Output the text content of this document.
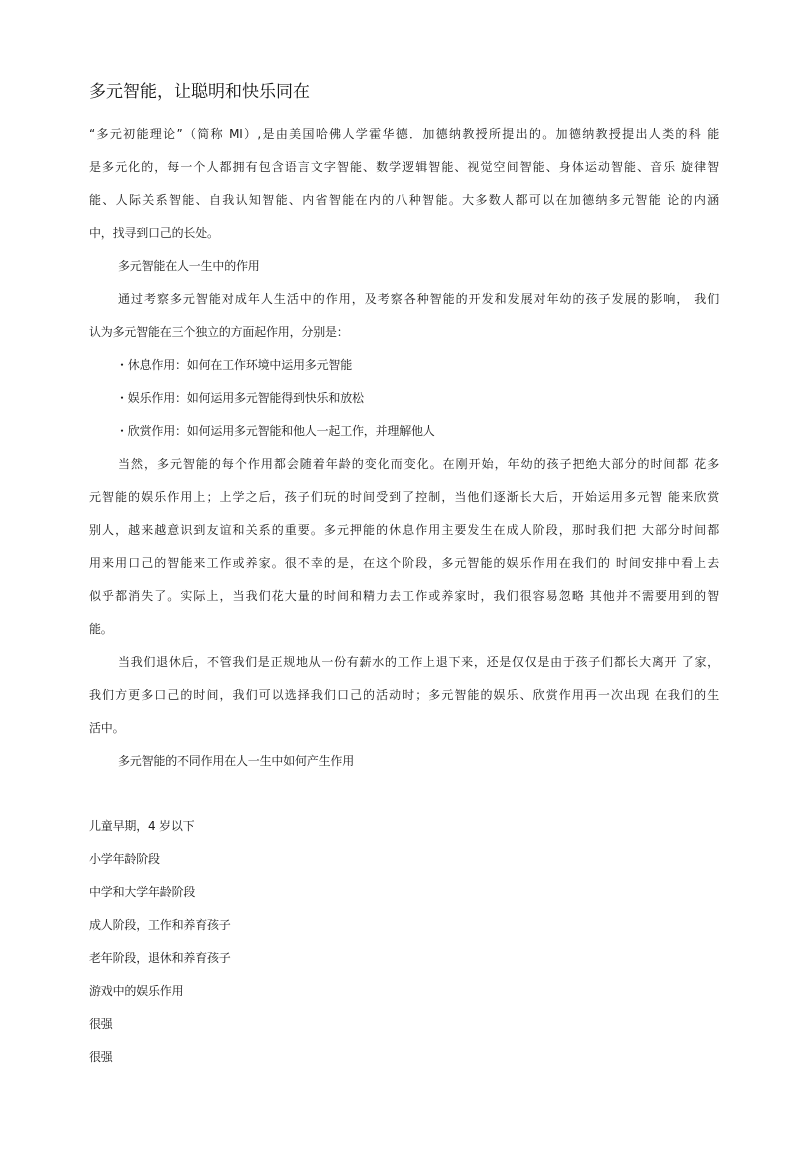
多元智能，让聪明和快乐同在
“多元初能理论”（简称 MI）,是由美国哈佛人学霍华德．加德纳教授所提出的。加德纳教授提出人类的科 能
是多元化的，每一个人都拥有包含语言文字智能、数学逻辑智能、视觉空间智能、身体运动智能、音乐 旋律智
能、人际关系智能、自我认知智能、内省智能在内的八种智能。大多数人都可以在加德纳多元智能 论的内涵
中，找寻到口己的长处。
多元智能在人一生中的作用
通过考察多元智能对成年人生活中的作用，及考察各种智能的开发和发展对年幼的孩子发展的影响， 我们
认为多元智能在三个独立的方面起作用，分别是：
・休息作用：如何在工作环境中运用多元智能
・娱乐作用：如何运用多元智能得到快乐和放松
・欣赏作用：如何运用多元智能和他人一起工作，并理解他人
当然，多元智能的每个作用都会随着年龄的变化而变化。在刚开始，年幼的孩子把绝大部分的时间都 花多
元智能的娱乐作用上；上学之后，孩子们玩的时间受到了控制，当他们逐渐长大后，开始运用多元智 能来欣赏
别人，越来越意识到友谊和关系的重要。多元押能的休息作用主要发生在成人阶段，那时我们把 大部分时间都
用来用口己的智能来工作或养家。很不幸的是，在这个阶段，多元智能的娱乐作用在我们的 时间安排中看上去
似乎都消失了。实际上，当我们花大量的时间和精力去工作或养家时，我们很容易忽略 其他并不需要用到的智
能。
当我们退休后，不管我们是正规地从一份有薪水的工作上退下来，还是仅仅是由于孩子们都长大离开 了家，
我们方更多口己的时间，我们可以选择我们口己的活动时；多元智能的娱乐、欣赏作用再一次出现 在我们的生
活中。
多元智能的不同作用在人一生中如何产生作用
儿童早期，4 岁以下
小学年龄阶段
中学和大学年龄阶段
成人阶段，工作和养育孩子
老年阶段，退休和养育孩子
游戏中的娱乐作用
很强
很强
